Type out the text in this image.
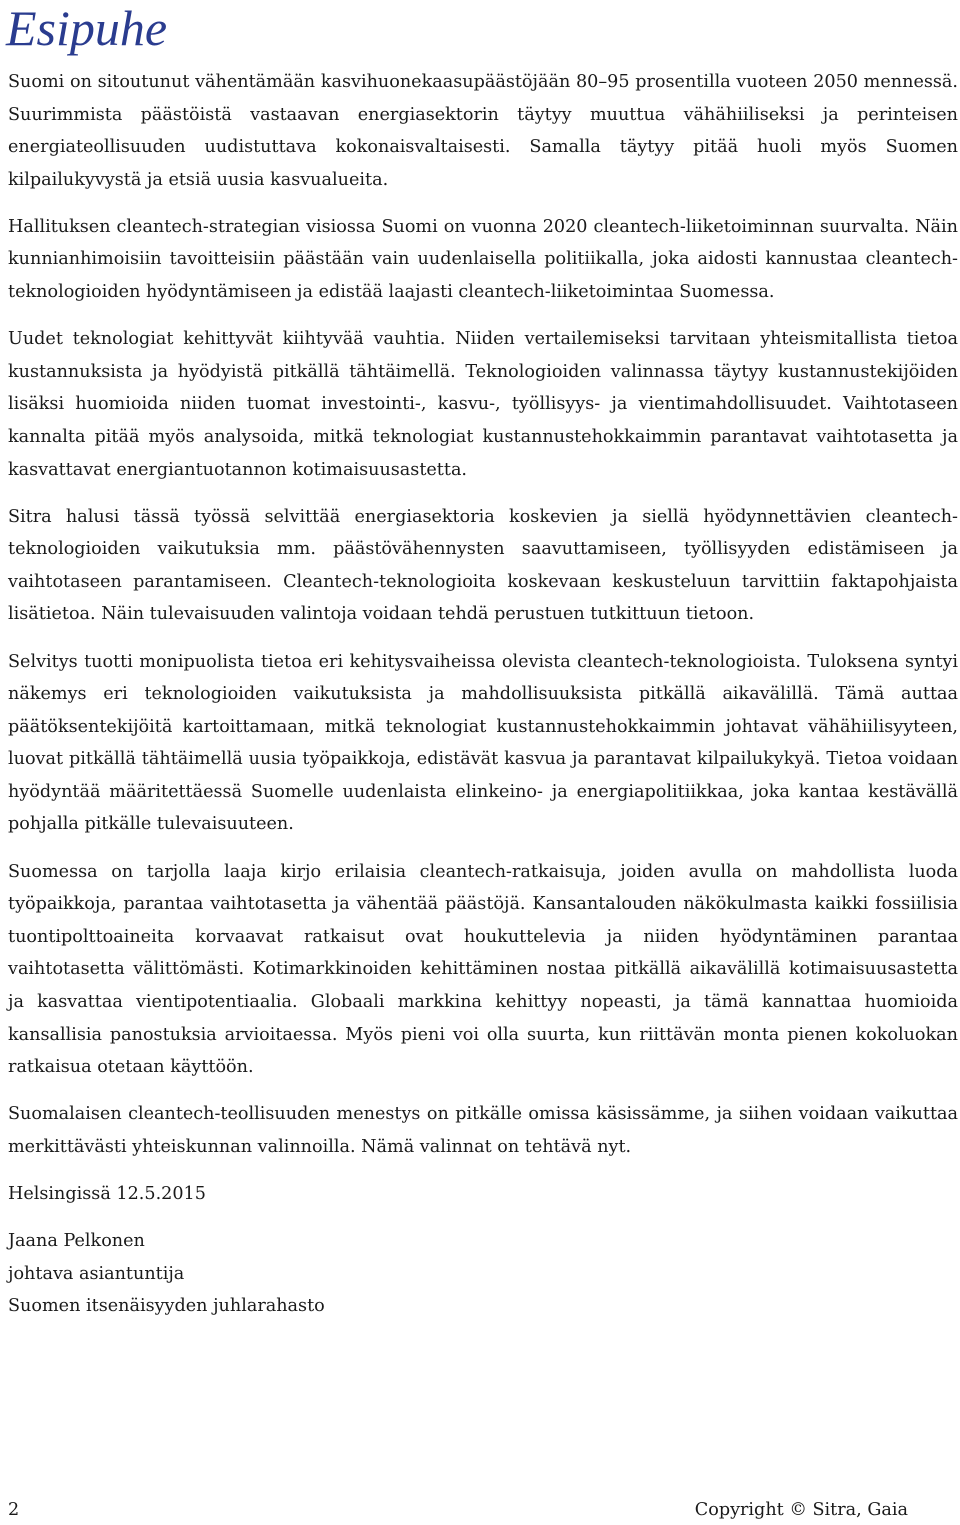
Esipuhe

Suomi on sitoutunut vähentämään kasvihuonekaasupäästöjään 80–95 prosentilla vuoteen 2050 mennessä. Suurimmista päästöistä vastaavan energiasektorin täytyy muuttua vähähiiliseksi ja perinteisen energiateollisuuden uudistuttava kokonaisvaltaisesti. Samalla täytyy pitää huoli myös Suomen kilpailukyvystä ja etsiä uusia kasvualueita.

Hallituksen cleantech-strategian visiossa Suomi on vuonna 2020 cleantech-liiketoiminnan suurvalta. Näin kunnianhimoisiin tavoitteisiin päästään vain uudenlaisella politiikalla, joka aidosti kannustaa cleantech-teknologioiden hyödyntämiseen ja edistää laajasti cleantech-liiketoimintaa Suomessa.

Uudet teknologiat kehittyvät kiihtyvää vauhtia. Niiden vertailemiseksi tarvitaan yhteismitallista tietoa kustannuksista ja hyödyistä pitkällä tähtäimellä. Teknologioiden valinnassa täytyy kustannustekijöiden lisäksi huomioida niiden tuomat investointi-, kasvu-, työllisyys- ja vientimahdollisuudet. Vaihtotaseen kannalta pitää myös analysoida, mitkä teknologiat kustannustehokkaimmin parantavat vaihtotasetta ja kasvattavat energiantuotannon kotimaisuusastetta.

Sitra halusi tässä työssä selvittää energiasektoria koskevien ja siellä hyödynnettävien cleantech-teknologioiden vaikutuksia mm. päästövähennysten saavuttamiseen, työllisyyden edistämiseen ja vaihtotaseen parantamiseen. Cleantech-teknologioita koskevaan keskusteluun tarvittiin faktapohjaista lisätietoa. Näin tulevaisuuden valintoja voidaan tehdä perustuen tutkittuun tietoon.

Selvitys tuotti monipuolista tietoa eri kehitysvaiheissa olevista cleantech-teknologioista. Tuloksena syntyi näkemys eri teknologioiden vaikutuksista ja mahdollisuuksista pitkällä aikavälillä. Tämä auttaa päätöksentekijöitä kartoittamaan, mitkä teknologiat kustannustehokkaimmin johtavat vähähiilisyyteen, luovat pitkällä tähtäimellä uusia työpaikkoja, edistävät kasvua ja parantavat kilpailukykyä. Tietoa voidaan hyödyntää määritettäessä Suomelle uudenlaista elinkeino- ja energiapolitiikkaa, joka kantaa kestävällä pohjalla pitkälle tulevaisuuteen.

Suomessa on tarjolla laaja kirjo erilaisia cleantech-ratkaisuja, joiden avulla on mahdollista luoda työpaikkoja, parantaa vaihtotasetta ja vähentää päästöjä. Kansantalouden näkökulmasta kaikki fossiilisia tuontipolttoaineita korvaavat ratkaisut ovat houkuttelevia ja niiden hyödyntäminen parantaa vaihtotasetta välittömästi. Kotimarkkinoiden kehittäminen nostaa pitkällä aikavälillä kotimaisuusastetta ja kasvattaa vientipotentiaalia. Globaali markkina kehittyy nopeasti, ja tämä kannattaa huomioida kansallisia panostuksia arvioitaessa. Myös pieni voi olla suurta, kun riittävän monta pienen kokoluokan ratkaisua otetaan käyttöön.

Suomalaisen cleantech-teollisuuden menestys on pitkälle omissa käsissämme, ja siihen voidaan vaikuttaa merkittävästi yhteiskunnan valinnoilla. Nämä valinnat on tehtävä nyt.

Helsingissä 12.5.2015

Jaana Pelkonen
johtava asiantuntija
Suomen itsenäisyyden juhlarahasto
2	Copyright © Sitra, Gaia
